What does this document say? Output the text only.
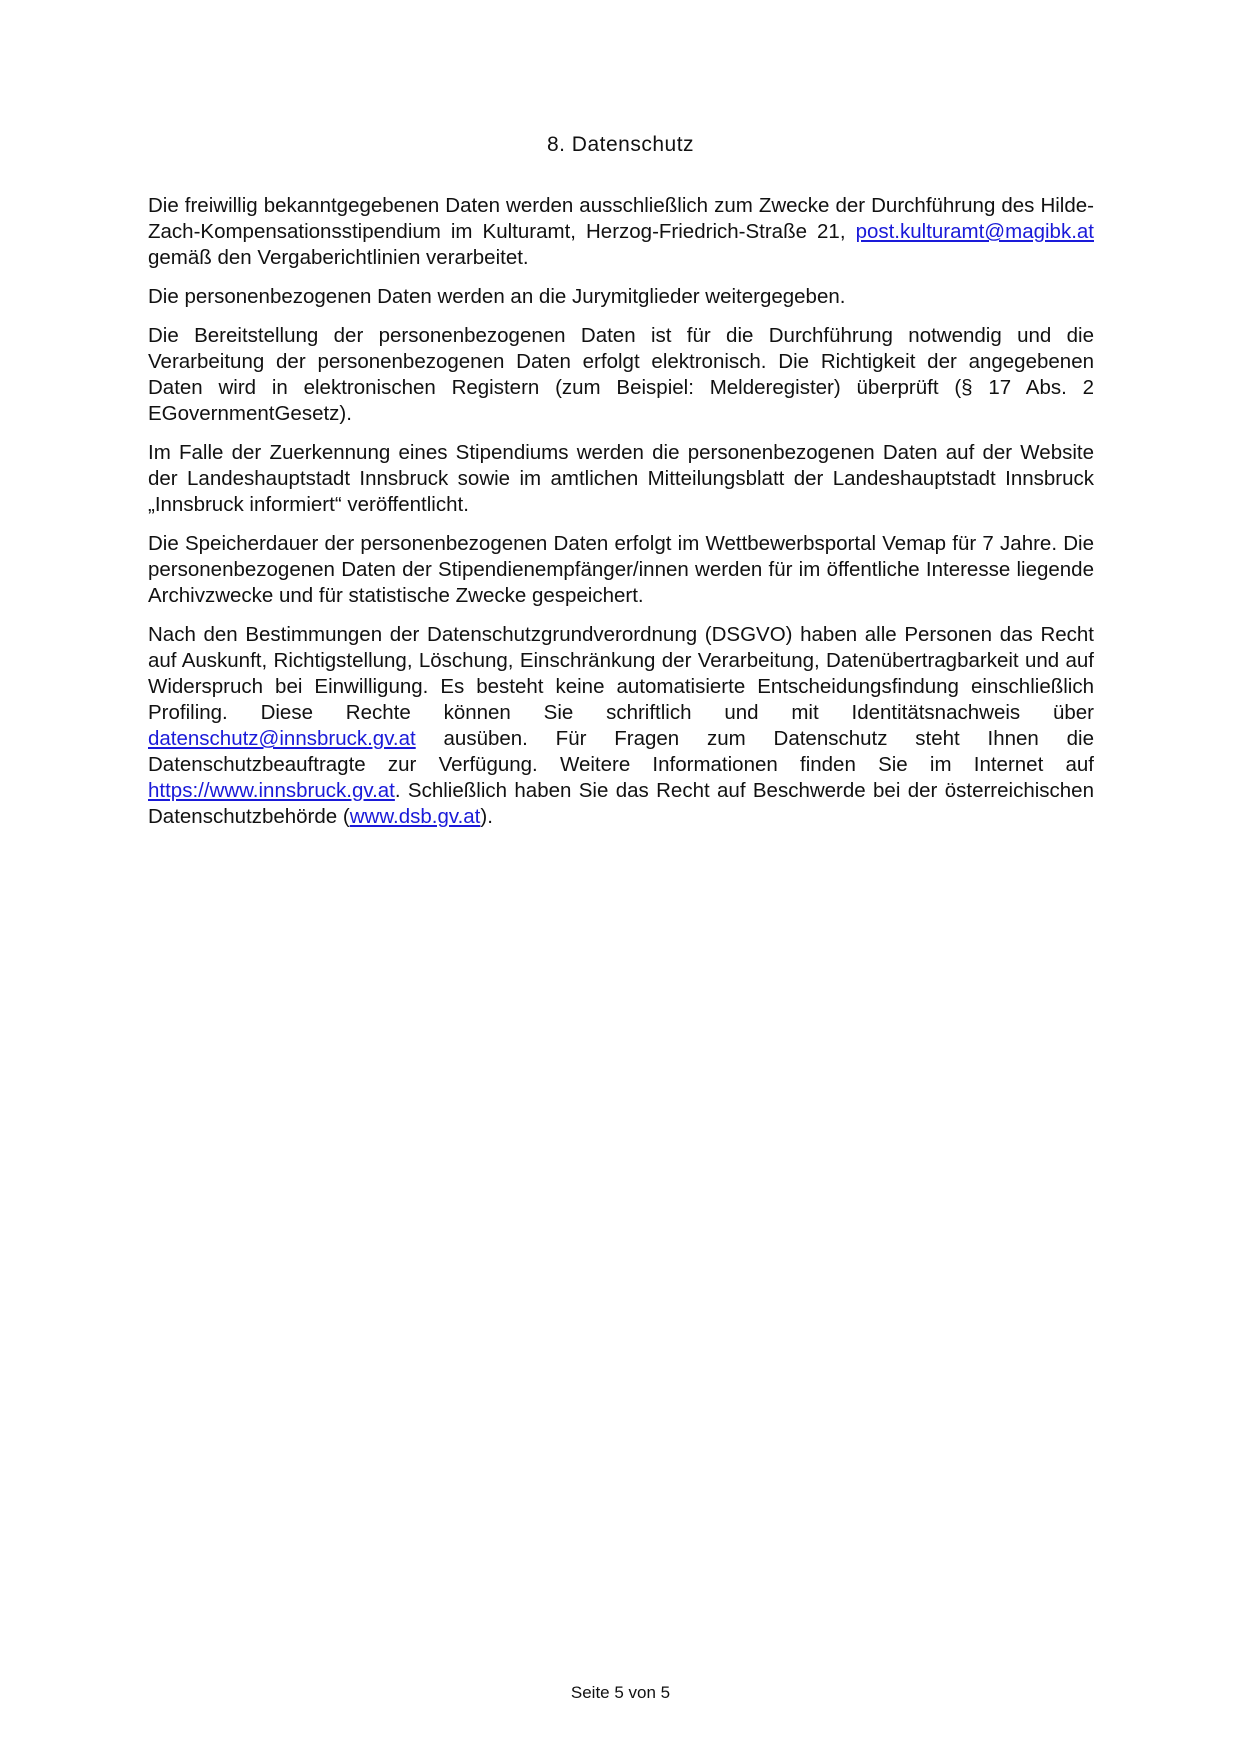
8. Datenschutz

Die freiwillig bekanntgegebenen Daten werden ausschließlich zum Zwecke der Durchführung des Hilde-Zach-Kompensationsstipendium im Kulturamt, Herzog-Friedrich-Straße 21, post.kulturamt@magibk.at gemäß den Vergaberichtlinien verarbeitet.

Die personenbezogenen Daten werden an die Jurymitglieder weitergegeben.

Die Bereitstellung der personenbezogenen Daten ist für die Durchführung notwendig und die Verarbeitung der personenbezogenen Daten erfolgt elektronisch. Die Richtigkeit der angegebenen Daten wird in elektronischen Registern (zum Beispiel: Melderegister) überprüft (§ 17 Abs. 2 EGovernmentGesetz).

Im Falle der Zuerkennung eines Stipendiums werden die personenbezogenen Daten auf der Website der Landeshauptstadt Innsbruck sowie im amtlichen Mitteilungsblatt der Landeshauptstadt Innsbruck „Innsbruck informiert“ veröffentlicht.

Die Speicherdauer der personenbezogenen Daten erfolgt im Wettbewerbsportal Vemap für 7 Jahre. Die personenbezogenen Daten der Stipendienempfänger/innen werden für im öffentliche Interesse liegende Archivzwecke und für statistische Zwecke gespeichert.

Nach den Bestimmungen der Datenschutzgrundverordnung (DSGVO) haben alle Personen das Recht auf Auskunft, Richtigstellung, Löschung, Einschränkung der Verarbeitung, Datenübertragbarkeit und auf Widerspruch bei Einwilligung. Es besteht keine automatisierte Entscheidungsfindung einschließlich Profiling. Diese Rechte können Sie schriftlich und mit Identitätsnachweis über datenschutz@innsbruck.gv.at ausüben. Für Fragen zum Datenschutz steht Ihnen die Datenschutzbeauftragte zur Verfügung. Weitere Informationen finden Sie im Internet auf https://www.innsbruck.gv.at. Schließlich haben Sie das Recht auf Beschwerde bei der österreichischen Datenschutzbehörde (www.dsb.gv.at).

Seite 5 von 5
